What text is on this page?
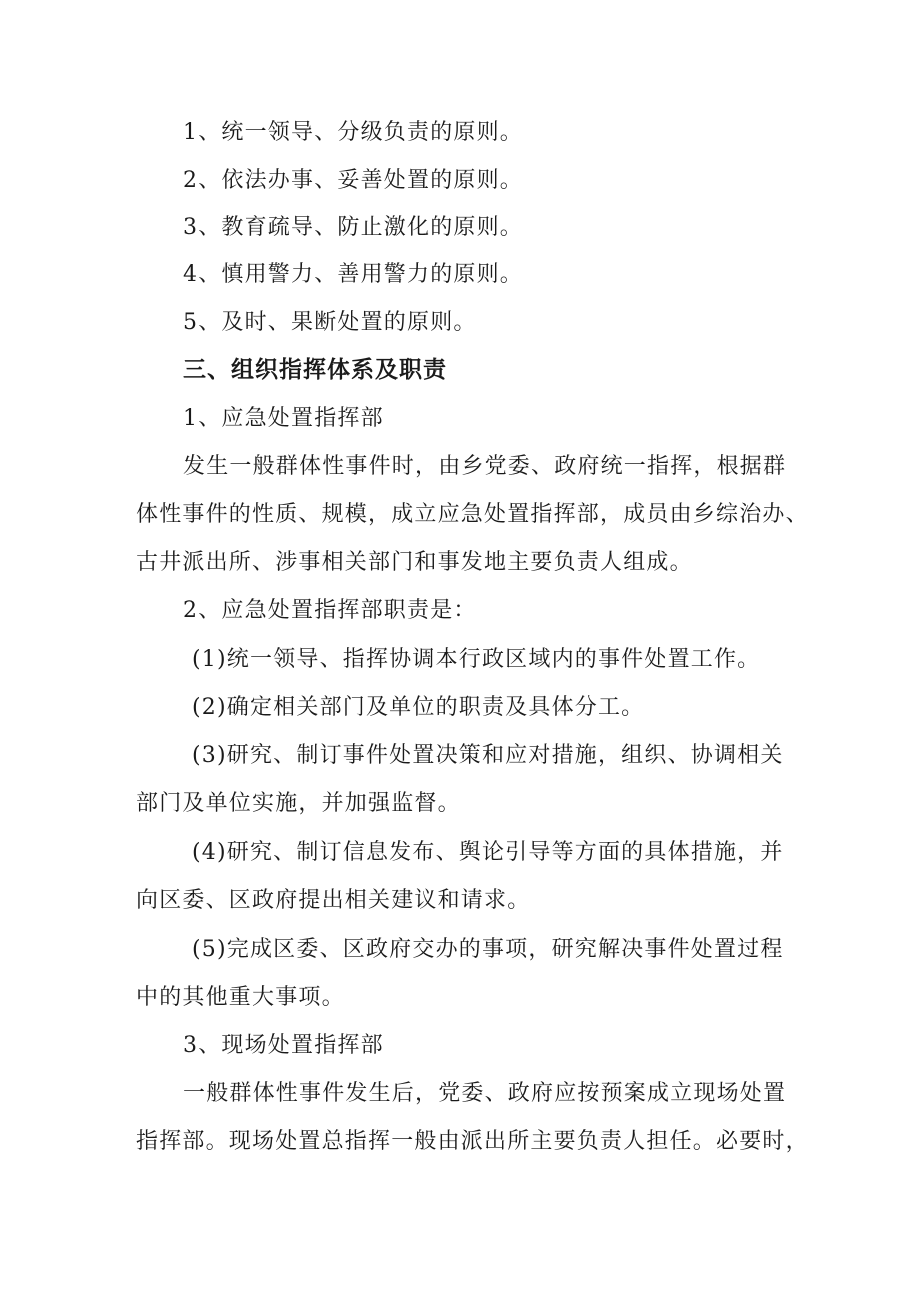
1、统一领导、分级负责的原则。
2、依法办事、妥善处置的原则。
3、教育疏导、防止激化的原则。
4、慎用警力、善用警力的原则。
5、及时、果断处置的原则。
三、组织指挥体系及职责
1、应急处置指挥部
发生一般群体性事件时，由乡党委、政府统一指挥，根据群
体性事件的性质、规模，成立应急处置指挥部，成员由乡综治办、
古井派出所、涉事相关部门和事发地主要负责人组成。
2、应急处置指挥部职责是：
(1)统一领导、指挥协调本行政区域内的事件处置工作。
(2)确定相关部门及单位的职责及具体分工。
(3)研究、制订事件处置决策和应对措施，组织、协调相关
部门及单位实施，并加强监督。
(4)研究、制订信息发布、舆论引导等方面的具体措施，并
向区委、区政府提出相关建议和请求。
(5)完成区委、区政府交办的事项，研究解决事件处置过程
中的其他重大事项。
3、现场处置指挥部
一般群体性事件发生后，党委、政府应按预案成立现场处置
指挥部。现场处置总指挥一般由派出所主要负责人担任。必要时，
